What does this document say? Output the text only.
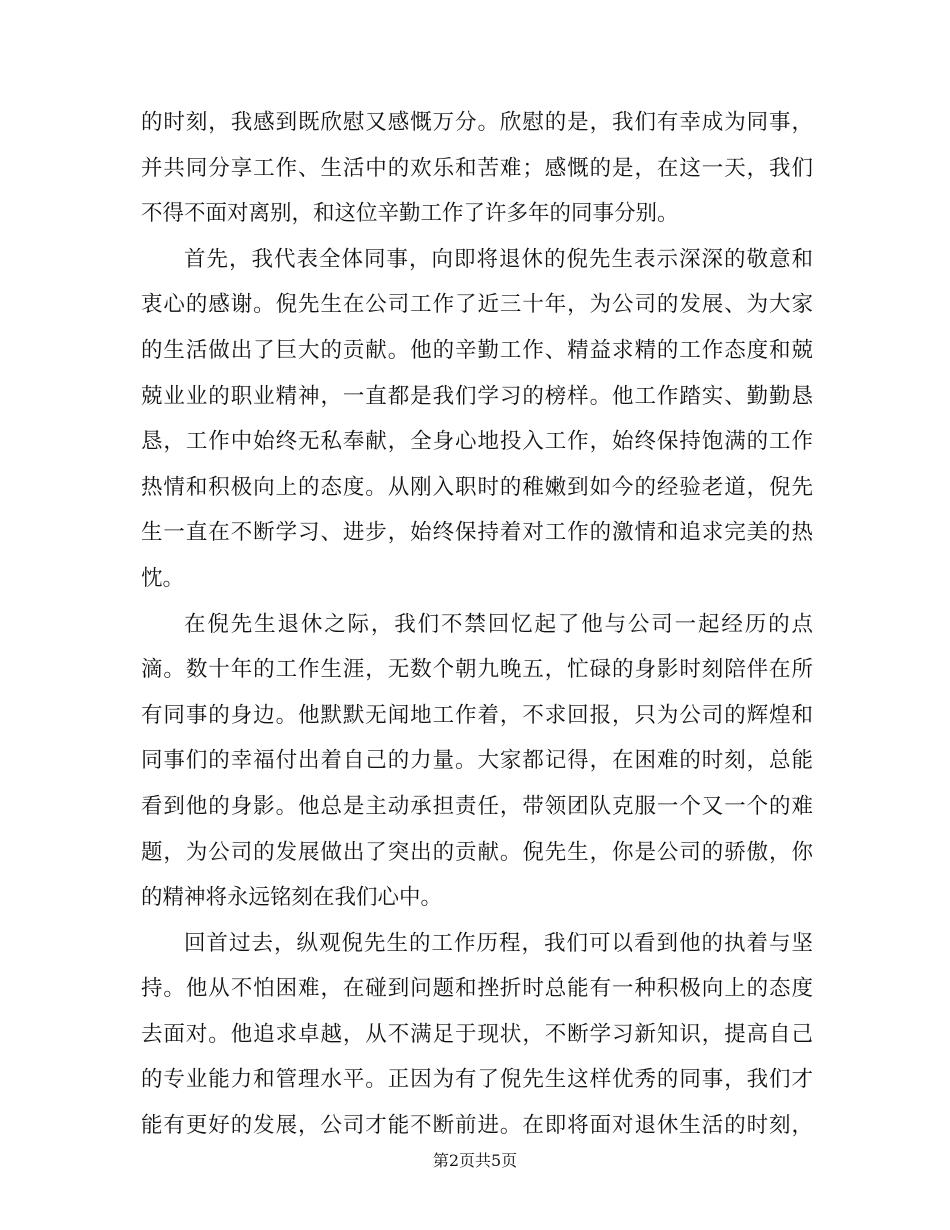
的时刻，我感到既欣慰又感慨万分。欣慰的是，我们有幸成为同事，
并共同分享工作、生活中的欢乐和苦难；感慨的是，在这一天，我们
不得不面对离别，和这位辛勤工作了许多年的同事分别。
首先，我代表全体同事，向即将退休的倪先生表示深深的敬意和
衷心的感谢。倪先生在公司工作了近三十年，为公司的发展、为大家
的生活做出了巨大的贡献。他的辛勤工作、精益求精的工作态度和兢
兢业业的职业精神，一直都是我们学习的榜样。他工作踏实、勤勤恳
恳，工作中始终无私奉献，全身心地投入工作，始终保持饱满的工作
热情和积极向上的态度。从刚入职时的稚嫩到如今的经验老道，倪先
生一直在不断学习、进步，始终保持着对工作的激情和追求完美的热
忱。
在倪先生退休之际，我们不禁回忆起了他与公司一起经历的点
滴。数十年的工作生涯，无数个朝九晚五，忙碌的身影时刻陪伴在所
有同事的身边。他默默无闻地工作着，不求回报，只为公司的辉煌和
同事们的幸福付出着自己的力量。大家都记得，在困难的时刻，总能
看到他的身影。他总是主动承担责任，带领团队克服一个又一个的难
题，为公司的发展做出了突出的贡献。倪先生，你是公司的骄傲，你
的精神将永远铭刻在我们心中。
回首过去，纵观倪先生的工作历程，我们可以看到他的执着与坚
持。他从不怕困难，在碰到问题和挫折时总能有一种积极向上的态度
去面对。他追求卓越，从不满足于现状，不断学习新知识，提高自己
的专业能力和管理水平。正因为有了倪先生这样优秀的同事，我们才
能有更好的发展，公司才能不断前进。在即将面对退休生活的时刻，
第2页共5页
